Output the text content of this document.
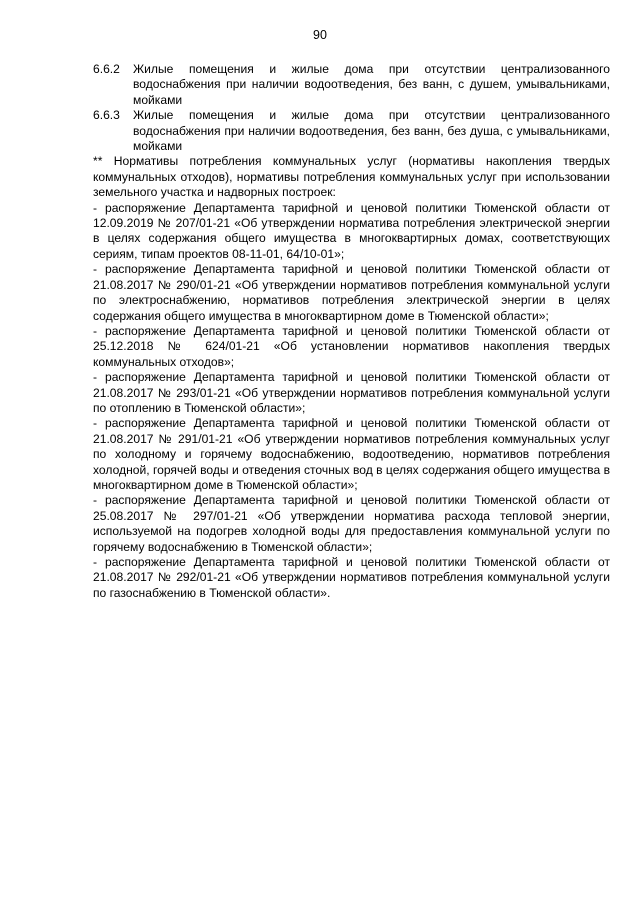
90
6.6.2	Жилые помещения и жилые дома при отсутствии централизованного водоснабжения при наличии водоотведения, без ванн, с душем, умывальниками, мойками
6.6.3	Жилые помещения и жилые дома при отсутствии централизованного водоснабжения при наличии водоотведения, без ванн, без душа, с умывальниками, мойками

** Нормативы потребления коммунальных услуг (нормативы накопления твердых коммунальных отходов), нормативы потребления коммунальных услуг при использовании земельного участка и надворных построек:

- распоряжение Департамента тарифной и ценовой политики Тюменской области от 12.09.2019 № 207/01-21 «Об утверждении норматива потребления электрической энергии в целях содержания общего имущества в многоквартирных домах, соответствующих сериям, типам проектов 08-11-01, 64/10-01»;

- распоряжение Департамента тарифной и ценовой политики Тюменской области от 21.08.2017 № 290/01-21 «Об утверждении нормативов потребления коммунальной услуги по электроснабжению, нормативов потребления электрической энергии в целях содержания общего имущества в многоквартирном доме в Тюменской области»;

- распоряжение Департамента тарифной и ценовой политики Тюменской области от 25.12.2018 № 624/01-21 «Об установлении нормативов накопления твердых коммунальных отходов»;

- распоряжение Департамента тарифной и ценовой политики Тюменской области от 21.08.2017 № 293/01-21 «Об утверждении нормативов потребления коммунальной услуги по отоплению в Тюменской области»;

- распоряжение Департамента тарифной и ценовой политики Тюменской области от 21.08.2017 № 291/01-21 «Об утверждении нормативов потребления коммунальных услуг по холодному и горячему водоснабжению, водоотведению, нормативов потребления холодной, горячей воды и отведения сточных вод в целях содержания общего имущества в многоквартирном доме в Тюменской области»;

- распоряжение Департамента тарифной и ценовой политики Тюменской области от 25.08.2017 № 297/01-21 «Об утверждении норматива расхода тепловой энергии, используемой на подогрев холодной воды для предоставления коммунальной услуги по горячему водоснабжению в Тюменской области»;

- распоряжение Департамента тарифной и ценовой политики Тюменской области от 21.08.2017 № 292/01-21 «Об утверждении нормативов потребления коммунальной услуги по газоснабжению в Тюменской области».
